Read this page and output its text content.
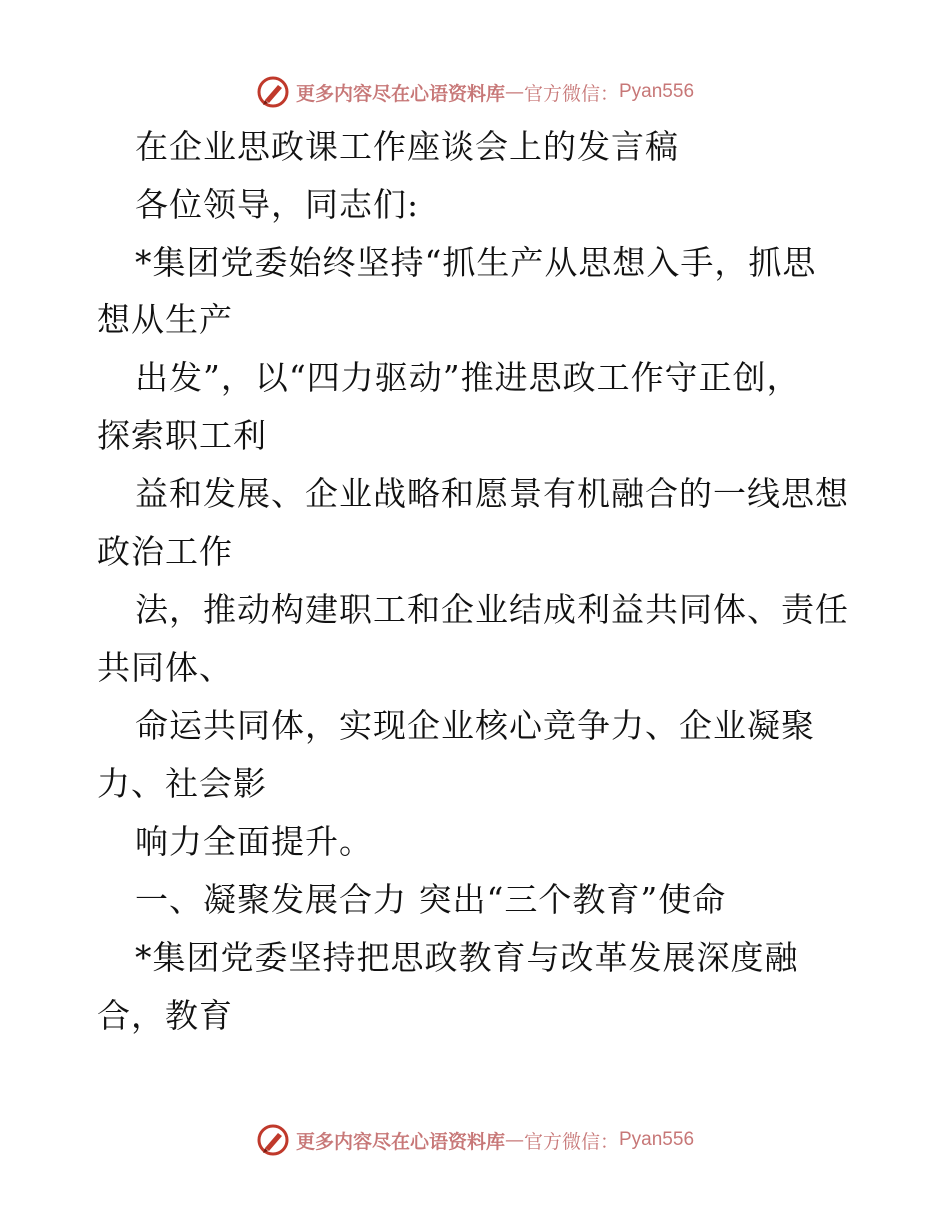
更多内容尽在心语资料库 — 官方微信： Pyan556
在企业思政课工作座谈会上的发言稿
各位领导，同志们:
*集团党委始终坚持“抓生产从思想入手，抓思
想从生产
出发”，以“四力驱动”推进思政工作守正创，
探索职工利
益和发展、企业战略和愿景有机融合的一线思想
政治工作
法，推动构建职工和企业结成利益共同体、责任
共同体、
命运共同体，实现企业核心竞争力、企业凝聚
力、社会影
响力全面提升。
一、凝聚发展合力 突出“三个教育”使命
*集团党委坚持把思政教育与改革发展深度融
合，教育
更多内容尽在心语资料库 — 官方微信： Pyan556
